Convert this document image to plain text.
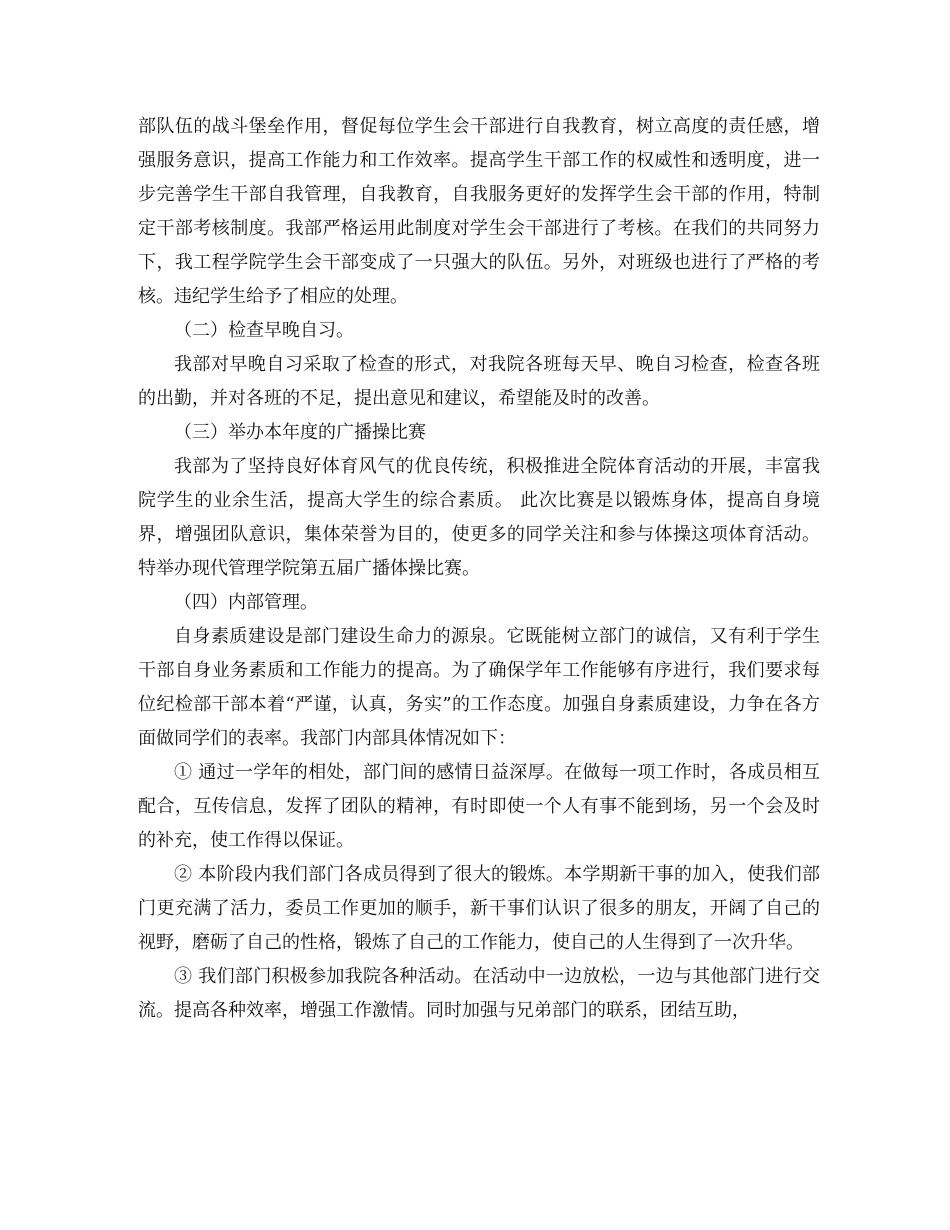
部队伍的战斗堡垒作用，督促每位学生会干部进行自我教育，树立高度的责任感，增强服务意识，提高工作能力和工作效率。提高学生干部工作的权威性和透明度，进一步完善学生干部自我管理，自我教育，自我服务更好的发挥学生会干部的作用，特制定干部考核制度。我部严格运用此制度对学生会干部进行了考核。在我们的共同努力下，我工程学院学生会干部变成了一只强大的队伍。另外，对班级也进行了严格的考核。违纪学生给予了相应的处理。

（二）检查早晚自习。

我部对早晚自习采取了检查的形式，对我院各班每天早、晚自习检查，检查各班的出勤，并对各班的不足，提出意见和建议，希望能及时的改善。

（三）举办本年度的广播操比赛

我部为了坚持良好体育风气的优良传统，积极推进全院体育活动的开展，丰富我院学生的业余生活，提高大学生的综合素质。 此次比赛是以锻炼身体，提高自身境界，增强团队意识，集体荣誉为目的，使更多的同学关注和参与体操这项体育活动。特举办现代管理学院第五届广播体操比赛。

（四）内部管理。

自身素质建设是部门建设生命力的源泉。它既能树立部门的诚信，又有利于学生干部自身业务素质和工作能力的提高。为了确保学年工作能够有序进行，我们要求每位纪检部干部本着“严谨，认真，务实”的工作态度。加强自身素质建设，力争在各方面做同学们的表率。我部门内部具体情况如下：

① 通过一学年的相处，部门间的感情日益深厚。在做每一项工作时，各成员相互配合，互传信息，发挥了团队的精神，有时即使一个人有事不能到场，另一个会及时的补充，使工作得以保证。

② 本阶段内我们部门各成员得到了很大的锻炼。本学期新干事的加入，使我们部门更充满了活力，委员工作更加的顺手，新干事们认识了很多的朋友，开阔了自己的视野，磨砺了自己的性格，锻炼了自己的工作能力，使自己的人生得到了一次升华。

③ 我们部门积极参加我院各种活动。在活动中一边放松，一边与其他部门进行交流。提高各种效率，增强工作激情。同时加强与兄弟部门的联系，团结互助，
